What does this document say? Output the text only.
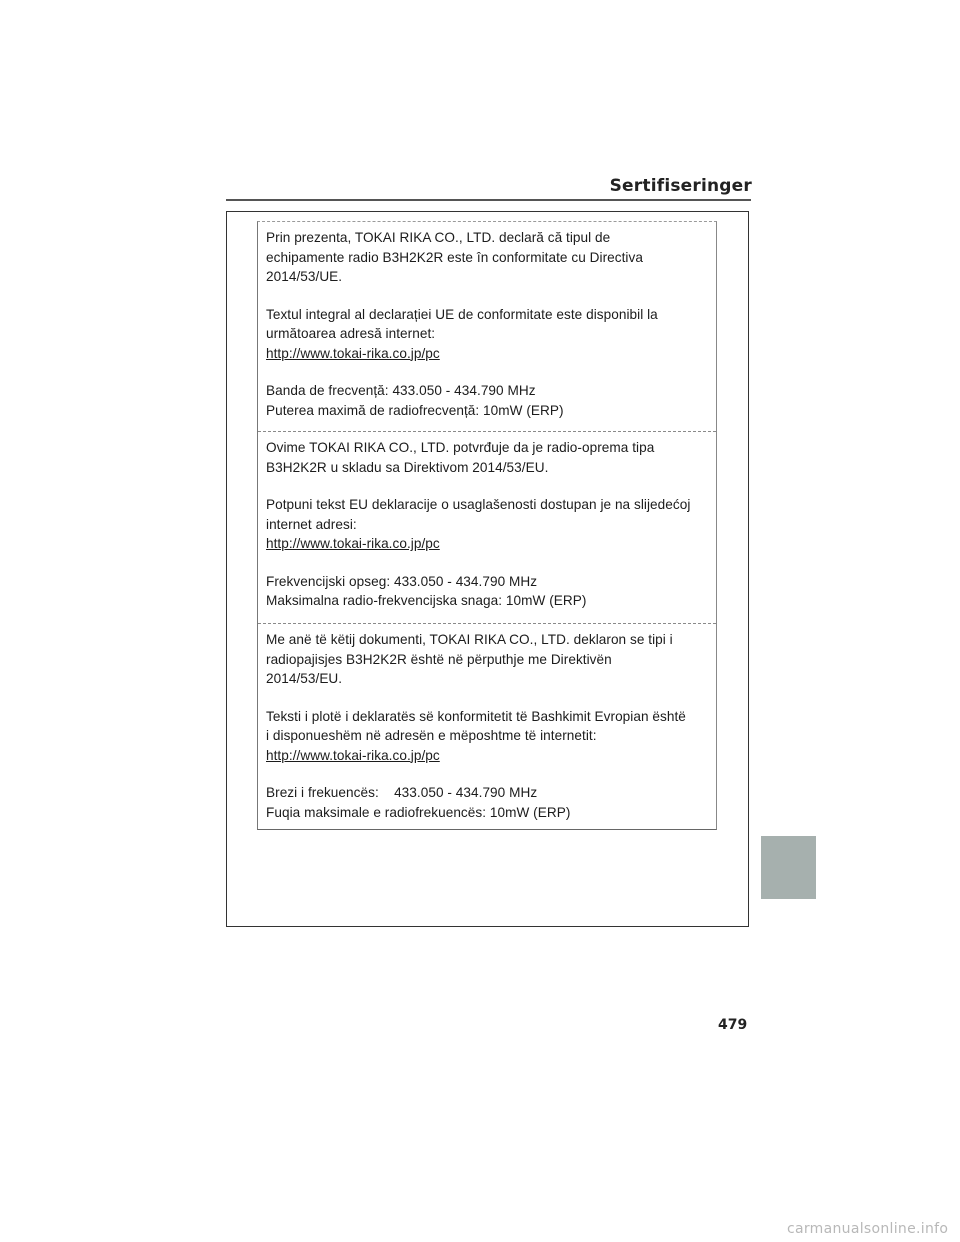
Sertifiseringer
Prin prezenta, TOKAI RIKA CO., LTD. declară că tipul de
echipamente radio B3H2K2R este în conformitate cu Directiva
2014/53/UE.
Textul integral al declarației UE de conformitate este disponibil la
următoarea adresă internet:
http://www.tokai-rika.co.jp/pc
Banda de frecvență: 433.050 - 434.790 MHz
Puterea maximă de radiofrecvență: 10mW (ERP)
Ovime TOKAI RIKA CO., LTD. potvrđuje da je radio-oprema tipa
B3H2K2R u skladu sa Direktivom 2014/53/EU.
Potpuni tekst EU deklaracije o usaglašenosti dostupan je na slijedećoj
internet adresi:
http://www.tokai-rika.co.jp/pc
Frekvencijski opseg: 433.050 - 434.790 MHz
Maksimalna radio-frekvencijska snaga: 10mW (ERP)
Me anë të këtij dokumenti, TOKAI RIKA CO., LTD. deklaron se tipi i
radiopajisjes B3H2K2R është në përputhje me Direktivën
2014/53/EU.
Teksti i plotë i deklaratës së konformitetit të Bashkimit Evropian është
i disponueshëm në adresën e mëposhtme të internetit:
http://www.tokai-rika.co.jp/pc
Brezi i frekuencës:    433.050 - 434.790 MHz
Fuqia maksimale e radiofrekuencës: 10mW (ERP)
479
carmanualsonline.info
